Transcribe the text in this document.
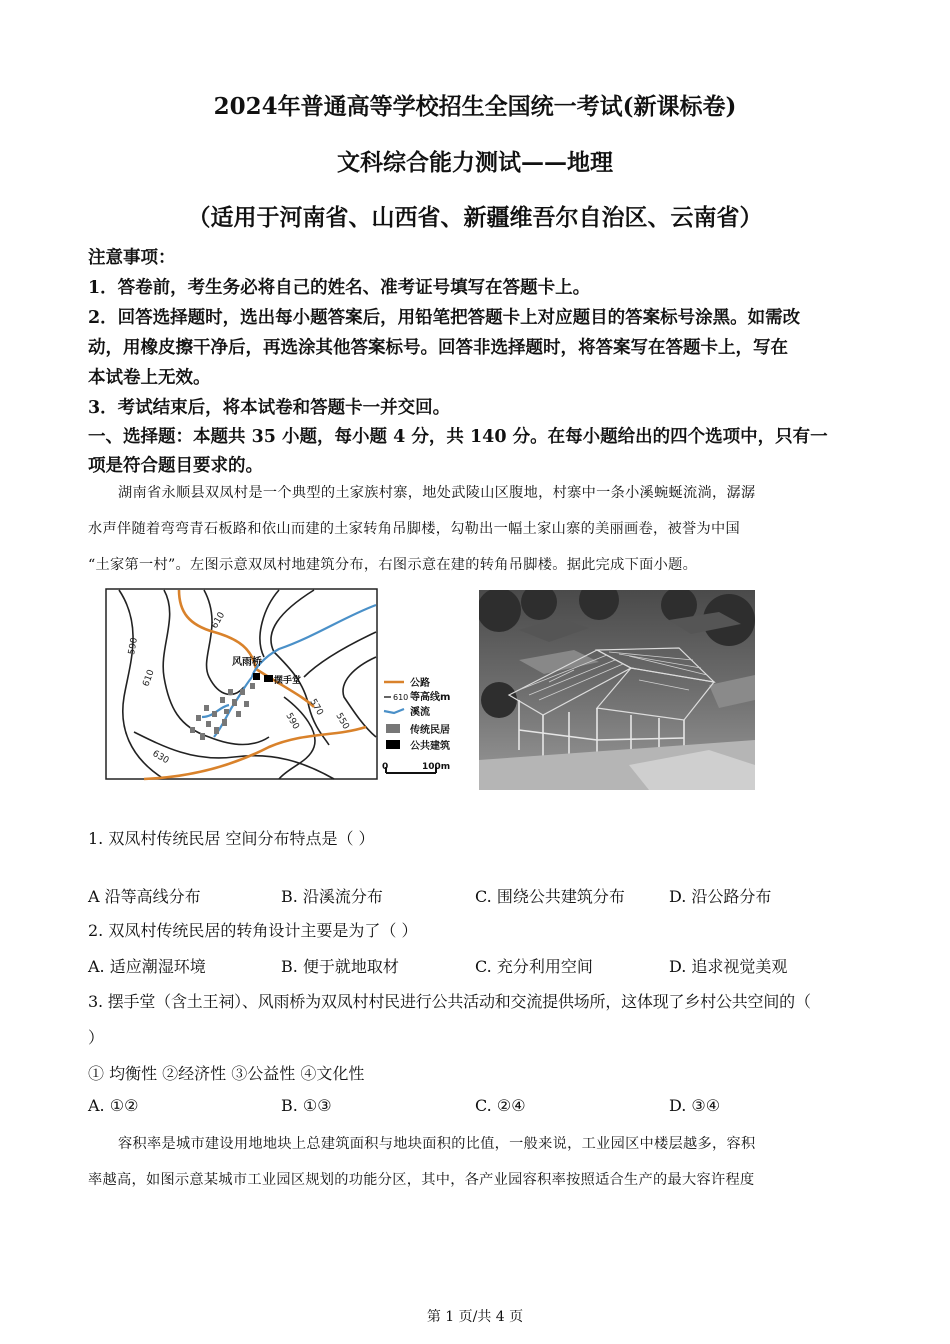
2024年普通高等学校招生全国统一考试(新课标卷)
文科综合能力测试——地理
（适用于河南省、山西省、新疆维吾尔自治区、云南省）
注意事项：
1．答卷前，考生务必将自己的姓名、准考证号填写在答题卡上。
2．回答选择题时，选出每小题答案后，用铅笔把答题卡上对应题目的答案标号涂黑。如需改
动，用橡皮擦干净后，再选涂其他答案标号。回答非选择题时，将答案写在答题卡上，写在
本试卷上无效。
3．考试结束后，将本试卷和答题卡一并交回。
一、选择题：本题共 35 小题，每小题 4 分，共 140 分。在每小题给出的四个选项中，只有一
项是符合题目要求的。
湖南省永顺县双凤村是一个典型的土家族村寨，地处武陵山区腹地，村寨中一条小溪蜿蜒流淌，潺潺
水声伴随着弯弯青石板路和依山而建的土家转角吊脚楼，勾勒出一幅土家山寨的美丽画卷，被誉为中国
“土家第一村”。左图示意双凤村地建筑分布，右图示意在建的转角吊脚楼。据此完成下面小题。
610
590
610
630
590
570
550
风雨桥
摆手堂	公路
610 等高线m
溪流
传统民居
公共建筑
0	100m
1. 双凤村传统民居 空间分布特点是（ ）
A 沿等高线分布	B. 沿溪流分布	C. 围绕公共建筑分布	D. 沿公路分布
2. 双凤村传统民居的转角设计主要是为了（ ）
A. 适应潮湿环境	B. 便于就地取材	C. 充分利用空间	D. 追求视觉美观
3. 摆手堂（含土王祠）、风雨桥为双凤村村民进行公共活动和交流提供场所，这体现了乡村公共空间的（
）
① 均衡性 ②经济性 ③公益性 ④文化性
A. ①②	B. ①③	C. ②④	D. ③④
容积率是城市建设用地地块上总建筑面积与地块面积的比值，一般来说，工业园区中楼层越多，容积
率越高，如图示意某城市工业园区规划的功能分区，其中，各产业园容积率按照适合生产的最大容许程度
第 1 页/共 4 页
